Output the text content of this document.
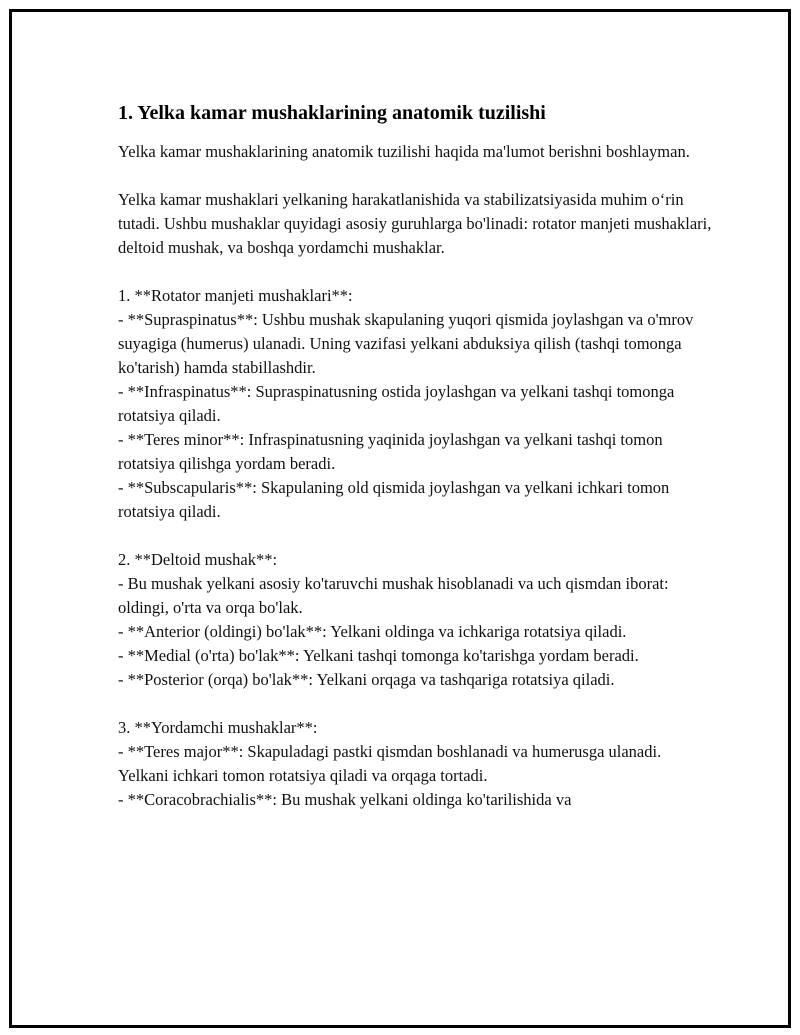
1. Yelka kamar mushaklarining anatomik tuzilishi

Yelka kamar mushaklarining anatomik tuzilishi haqida ma'lumot berishni boshlayman.

Yelka kamar mushaklari yelkaning harakatlanishida va stabilizatsiyasida muhim o‘rin tutadi. Ushbu mushaklar quyidagi asosiy guruhlarga bo'linadi: rotator manjeti mushaklari, deltoid mushak, va boshqa yordamchi mushaklar.

1. **Rotator manjeti mushaklari**:

- **Supraspinatus**: Ushbu mushak skapulaning yuqori qismida joylashgan va o'mrov suyagiga (humerus) ulanadi. Uning vazifasi yelkani abduksiya qilish (tashqi tomonga ko'tarish) hamda stabillashdir.

- **Infraspinatus**: Supraspinatusning ostida joylashgan va yelkani tashqi tomonga rotatsiya qiladi.

- **Teres minor**: Infraspinatusning yaqinida joylashgan va yelkani tashqi tomon rotatsiya qilishga yordam beradi.

- **Subscapularis**: Skapulaning old qismida joylashgan va yelkani ichkari tomon rotatsiya qiladi.

2. **Deltoid mushak**:

- Bu mushak yelkani asosiy ko'taruvchi mushak hisoblanadi va uch qismdan iborat: oldingi, o'rta va orqa bo'lak.

- **Anterior (oldingi) bo'lak**: Yelkani oldinga va ichkariga rotatsiya qiladi.

- **Medial (o'rta) bo'lak**: Yelkani tashqi tomonga ko'tarishga yordam beradi.

- **Posterior (orqa) bo'lak**: Yelkani orqaga va tashqariga rotatsiya qiladi.

3. **Yordamchi mushaklar**:

- **Teres major**: Skapuladagi pastki qismdan boshlanadi va humerusga ulanadi. Yelkani ichkari tomon rotatsiya qiladi va orqaga tortadi.

- **Coracobrachialis**: Bu mushak yelkani oldinga ko'tarilishida va
